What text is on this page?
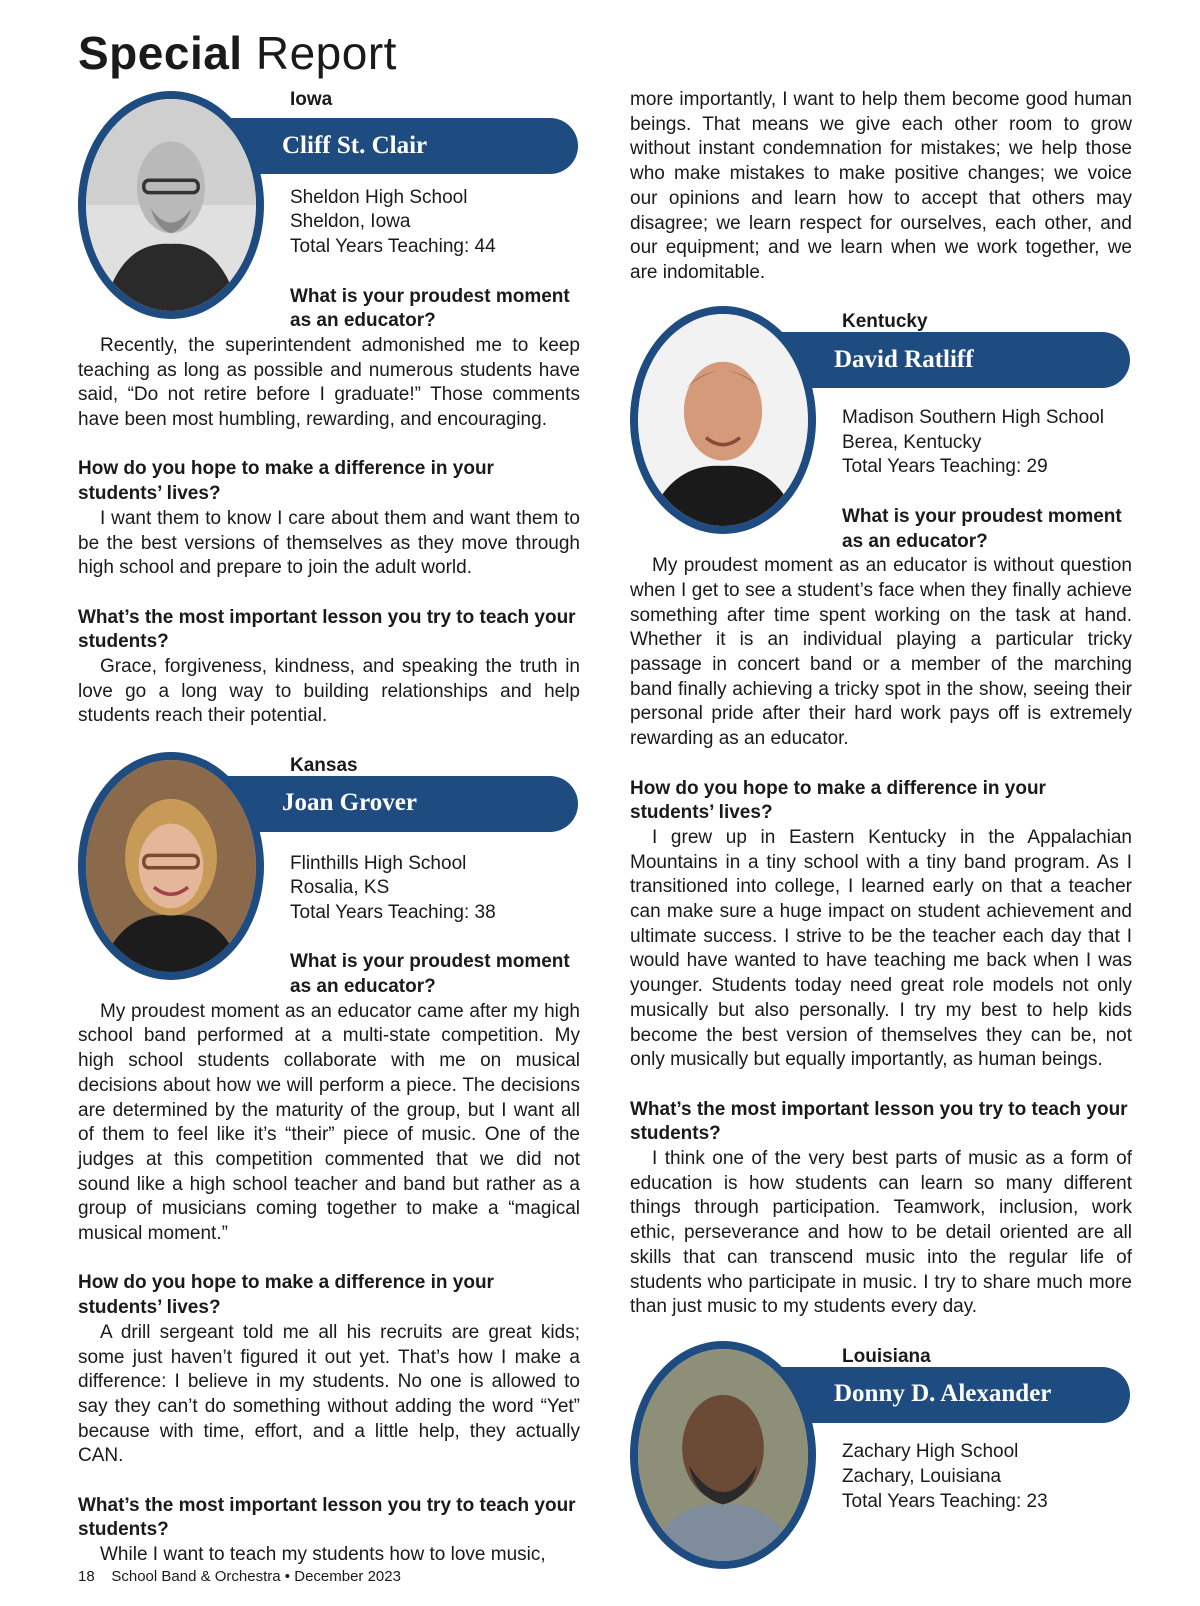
Special Report
Cliff St. Clair

Iowa

Sheldon High School

Sheldon, Iowa

Total Years Teaching: 44

What is your proudest moment as an educator?

Recently, the superintendent admonished me to keep teaching as long as possible and numerous students have said, “Do not retire before I graduate!” Those comments have been most humbling, rewarding, and encouraging.

How do you hope to make a difference in your students’ lives?

I want them to know I care about them and want them to be the best versions of themselves as they move through high school and prepare to join the adult world.

What’s the most important lesson you try to teach your students?

Grace, forgiveness, kindness, and speaking the truth in love go a long way to building relationships and help students reach their potential.

Joan Grover

Kansas

Flinthills High School

Rosalia, KS

Total Years Teaching: 38

What is your proudest moment as an educator?

My proudest moment as an educator came after my high school band performed at a multi-state competition. My high school students collaborate with me on musical decisions about how we will perform a piece. The decisions are determined by the maturity of the group, but I want all of them to feel like it’s “their” piece of music. One of the judges at this competition commented that we did not sound like a high school teacher and band but rather as a group of musicians coming together to make a “magical musical moment.”

How do you hope to make a difference in your students’ lives?

A drill sergeant told me all his recruits are great kids; some just haven’t figured it out yet. That’s how I make a difference: I believe in my students. No one is allowed to say they can’t do something without adding the word “Yet” because with time, effort, and a little help, they actually CAN.

What’s the most important lesson you try to teach your students?

While I want to teach my students how to love music,

more importantly, I want to help them become good human beings. That means we give each other room to grow without instant condemnation for mistakes; we help those who make mistakes to make positive changes; we voice our opinions and learn how to accept that others may disagree; we learn respect for ourselves, each other, and our equipment; and we learn when we work together, we are indomitable.

David Ratliff

Kentucky

Madison Southern High School

Berea, Kentucky

Total Years Teaching: 29

What is your proudest moment as an educator?

My proudest moment as an educator is without question when I get to see a student’s face when they finally achieve something after time spent working on the task at hand. Whether it is an individual playing a particular tricky passage in concert band or a member of the marching band finally achieving a tricky spot in the show, seeing their personal pride after their hard work pays off is extremely rewarding as an educator.

How do you hope to make a difference in your students’ lives?

I grew up in Eastern Kentucky in the Appalachian Mountains in a tiny school with a tiny band program. As I transitioned into college, I learned early on that a teacher can make sure a huge impact on student achievement and ultimate success. I strive to be the teacher each day that I would have wanted to have teaching me back when I was younger. Students today need great role models not only musically but also personally. I try my best to help kids become the best version of themselves they can be, not only musically but equally importantly, as human beings.

What’s the most important lesson you try to teach your students?

I think one of the very best parts of music as a form of education is how students can learn so many different things through participation. Teamwork, inclusion, work ethic, perseverance and how to be detail oriented are all skills that can transcend music into the regular life of students who participate in music. I try to share much more than just music to my students every day.

Donny D. Alexander

Louisiana

Zachary High School

Zachary, Louisiana

Total Years Teaching: 23

18 School Band & Orchestra • December 2023
